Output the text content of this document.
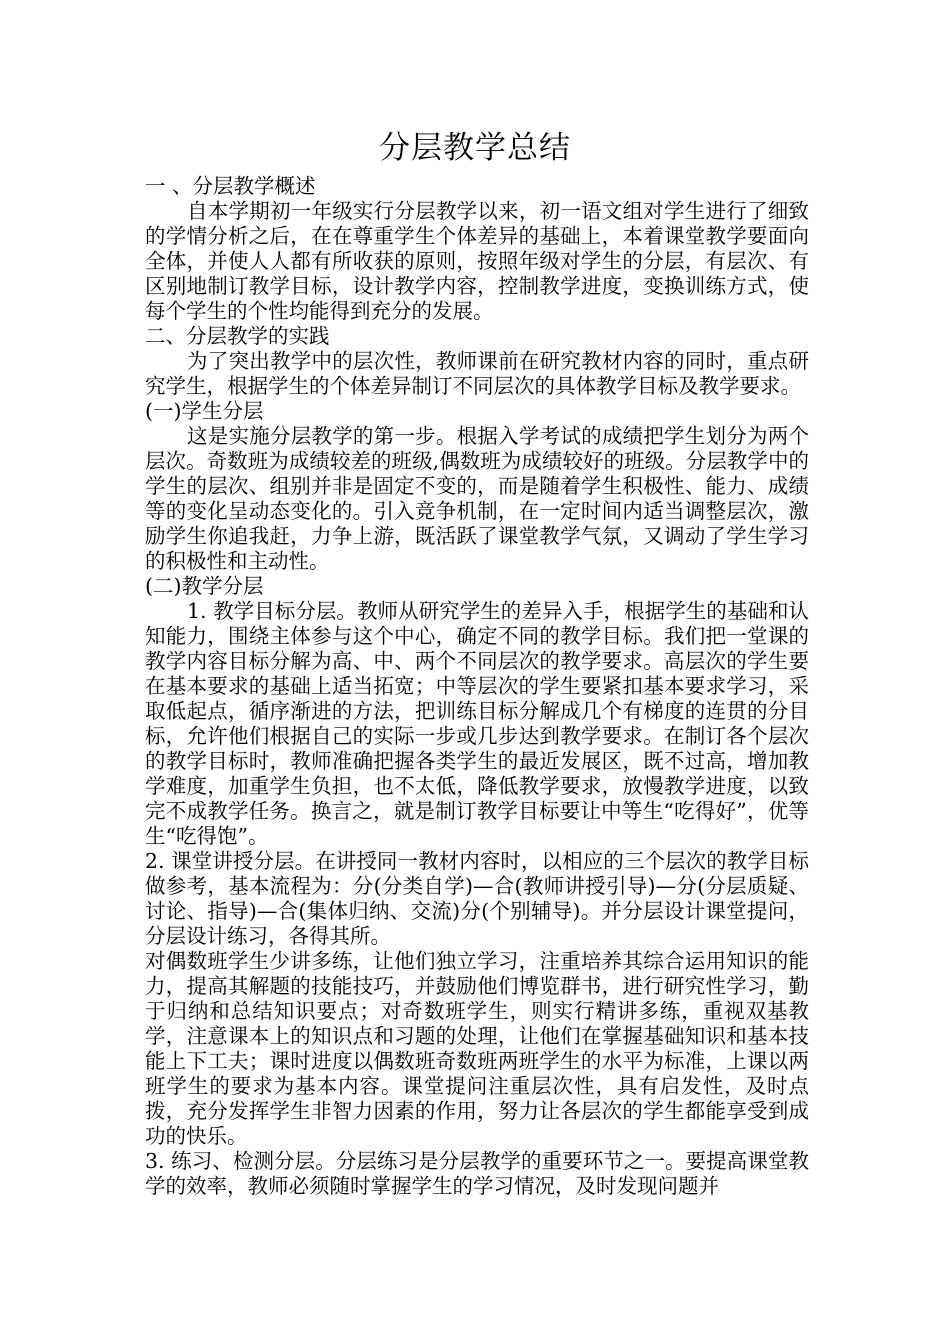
分层教学总结

一 、分层教学概述

自本学期初一年级实行分层教学以来，初一语文组对学生进行了细致的学情分析之后，在在尊重学生个体差异的基础上，本着课堂教学要面向全体，并使人人都有所收获的原则，按照年级对学生的分层，有层次、有区别地制订教学目标，设计教学内容，控制教学进度，变换训练方式，使每个学生的个性均能得到充分的发展。

二、分层教学的实践

为了突出教学中的层次性，教师课前在研究教材内容的同时，重点研究学生，根据学生的个体差异制订不同层次的具体教学目标及教学要求。

(一)学生分层

这是实施分层教学的第一步。根据入学考试的成绩把学生划分为两个层次。奇数班为成绩较差的班级,偶数班为成绩较好的班级。分层教学中的学生的层次、组别并非是固定不变的，而是随着学生积极性、能力、成绩等的变化呈动态变化的。引入竞争机制，在一定时间内适当调整层次，激励学生你追我赶，力争上游，既活跃了课堂教学气氛，又调动了学生学习的积极性和主动性。

(二)教学分层

1. 教学目标分层。教师从研究学生的差异入手，根据学生的基础和认知能力，围绕主体参与这个中心，确定不同的教学目标。我们把一堂课的教学内容目标分解为高、中、两个不同层次的教学要求。高层次的学生要在基本要求的基础上适当拓宽；中等层次的学生要紧扣基本要求学习，采取低起点，循序渐进的方法，把训练目标分解成几个有梯度的连贯的分目标，允许他们根据自己的实际一步或几步达到教学要求。在制订各个层次的教学目标时，教师准确把握各类学生的最近发展区，既不过高，增加教学难度，加重学生负担，也不太低，降低教学要求，放慢教学进度，以致完不成教学任务。换言之，就是制订教学目标要让中等生“吃得好”，优等生“吃得饱”。

2. 课堂讲授分层。在讲授同一教材内容时，以相应的三个层次的教学目标做参考，基本流程为：分(分类自学)—合(教师讲授引导)—分(分层质疑、讨论、指导)—合(集体归纳、交流)分(个别辅导)。并分层设计课堂提问，分层设计练习，各得其所。

对偶数班学生少讲多练，让他们独立学习，注重培养其综合运用知识的能力，提高其解题的技能技巧，并鼓励他们博览群书，进行研究性学习，勤于归纳和总结知识要点；对奇数班学生，则实行精讲多练，重视双基教学，注意课本上的知识点和习题的处理，让他们在掌握基础知识和基本技能上下工夫；课时进度以偶数班奇数班两班学生的水平为标准，上课以两班学生的要求为基本内容。课堂提问注重层次性，具有启发性，及时点拨，充分发挥学生非智力因素的作用，努力让各层次的学生都能享受到成功的快乐。

3. 练习、检测分层。分层练习是分层教学的重要环节之一。要提高课堂教学的效率，教师必须随时掌握学生的学习情况，及时发现问题并
